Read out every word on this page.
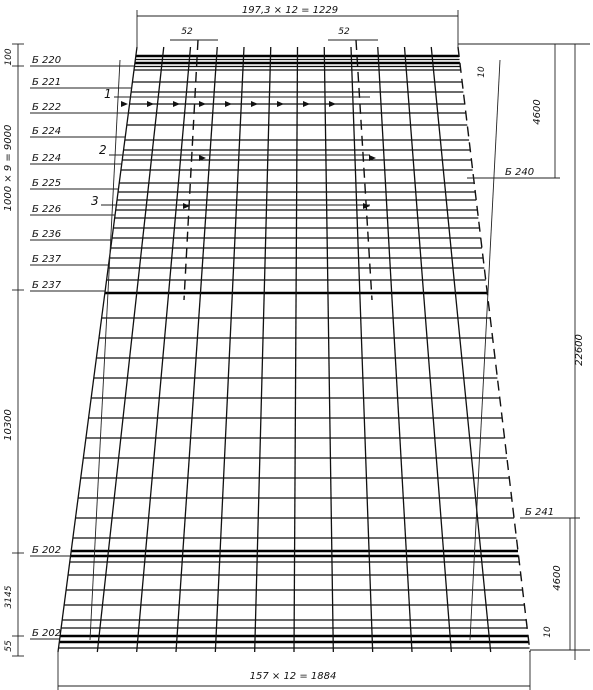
197,3 × 12 = 1229
52	52
157 × 12 = 1884
100
1000 × 9 = 9000
10300
3145
55
22600
4600
4600
10
10
Б 220
Б 221
Б 222
Б 224
Б 224
Б 225
Б 226
Б 236
Б 237
Б 237
Б 202
Б 202
Б 240
Б 241
1
2
3
